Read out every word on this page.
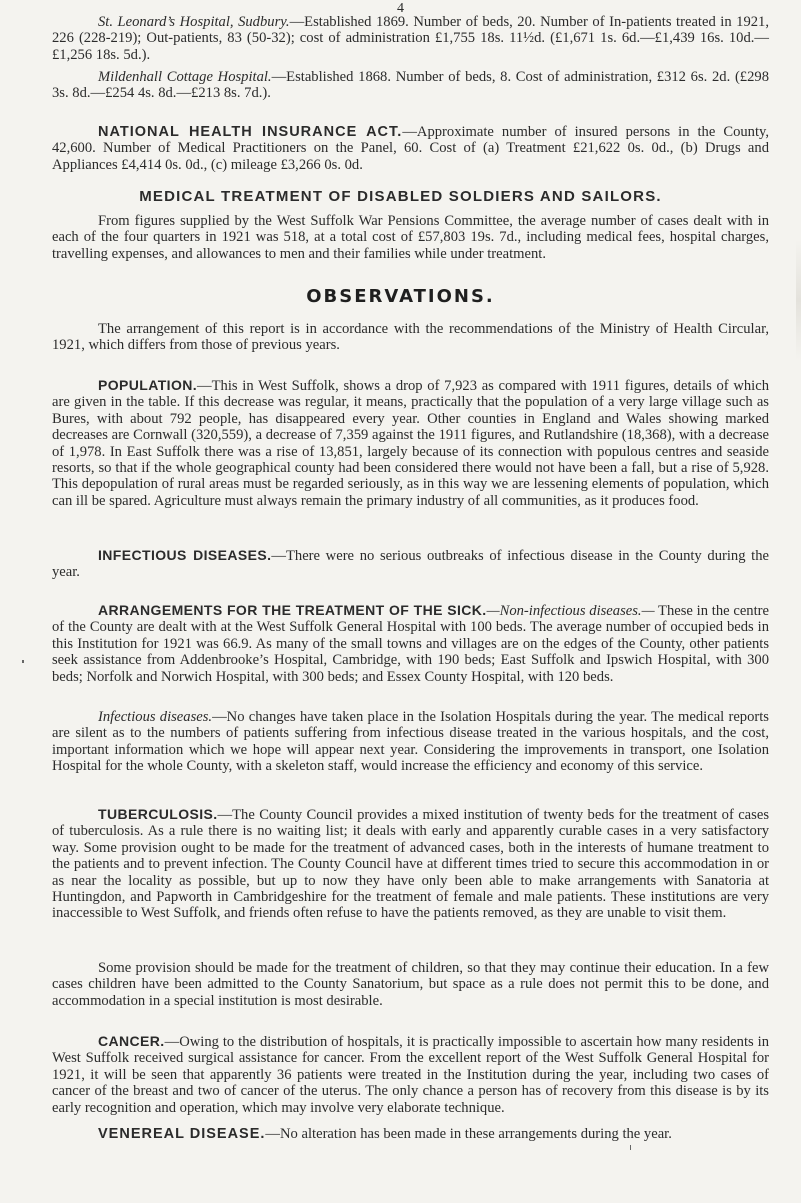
4
St. Leonard’s Hospital, Sudbury.—Established 1869. Number of beds, 20. Number of In-patients treated in 1921, 226 (228-219); Out-patients, 83 (50-32); cost of administration £1,755 18s. 11½d. (£1,671 1s. 6d.—£1,439 16s. 10d.—£1,256 18s. 5d.).
Mildenhall Cottage Hospital.—Established 1868. Number of beds, 8. Cost of administration, £312 6s. 2d. (£298 3s. 8d.—£254 4s. 8d.—£213 8s. 7d.).
NATIONAL HEALTH INSURANCE ACT.—Approximate number of insured persons in the County, 42,600. Number of Medical Practitioners on the Panel, 60. Cost of (a) Treatment £21,622 0s. 0d., (b) Drugs and Appliances £4,414 0s. 0d., (c) mileage £3,266 0s. 0d.
MEDICAL TREATMENT OF DISABLED SOLDIERS AND SAILORS.
From figures supplied by the West Suffolk War Pensions Committee, the average number of cases dealt with in each of the four quarters in 1921 was 518, at a total cost of £57,803 19s. 7d., including medical fees, hospital charges, travelling expenses, and allowances to men and their families while under treatment.
OBSERVATIONS.
The arrangement of this report is in accordance with the recommendations of the Ministry of Health Circular, 1921, which differs from those of previous years.
POPULATION.—This in West Suffolk, shows a drop of 7,923 as compared with 1911 figures, details of which are given in the table. If this decrease was regular, it means, practically that the population of a very large village such as Bures, with about 792 people, has disappeared every year. Other counties in England and Wales showing marked decreases are Cornwall (320,559), a decrease of 7,359 against the 1911 figures, and Rutlandshire (18,368), with a decrease of 1,978. In East Suffolk there was a rise of 13,851, largely because of its connection with populous centres and seaside resorts, so that if the whole geographical county had been considered there would not have been a fall, but a rise of 5,928. This depopulation of rural areas must be regarded seriously, as in this way we are lessening elements of population, which can ill be spared. Agriculture must always remain the primary industry of all communities, as it produces food.
INFECTIOUS DISEASES.—There were no serious outbreaks of infectious disease in the County during the year.
ARRANGEMENTS FOR THE TREATMENT OF THE SICK.—Non-infectious diseases.— These in the centre of the County are dealt with at the West Suffolk General Hospital with 100 beds. The average number of occupied beds in this Institution for 1921 was 66.9. As many of the small towns and villages are on the edges of the County, other patients seek assistance from Addenbrooke’s Hospital, Cambridge, with 190 beds; East Suffolk and Ipswich Hospital, with 300 beds; Norfolk and Norwich Hospital, with 300 beds; and Essex County Hospital, with 120 beds.
Infectious diseases.—No changes have taken place in the Isolation Hospitals during the year. The medical reports are silent as to the numbers of patients suffering from infectious disease treated in the various hospitals, and the cost, important information which we hope will appear next year. Considering the improvements in transport, one Isolation Hospital for the whole County, with a skeleton staff, would increase the efficiency and economy of this service.
TUBERCULOSIS.—The County Council provides a mixed institution of twenty beds for the treatment of cases of tuberculosis. As a rule there is no waiting list; it deals with early and apparently curable cases in a very satisfactory way. Some provision ought to be made for the treatment of advanced cases, both in the interests of humane treatment to the patients and to prevent infection. The County Council have at different times tried to secure this accommodation in or as near the locality as possible, but up to now they have only been able to make arrangements with Sanatoria at Huntingdon, and Papworth in Cambridgeshire for the treatment of female and male patients. These institutions are very inaccessible to West Suffolk, and friends often refuse to have the patients removed, as they are unable to visit them.
Some provision should be made for the treatment of children, so that they may continue their education. In a few cases children have been admitted to the County Sanatorium, but space as a rule does not permit this to be done, and accommodation in a special institution is most desirable.
CANCER.—Owing to the distribution of hospitals, it is practically impossible to ascertain how many residents in West Suffolk received surgical assistance for cancer. From the excellent report of the West Suffolk General Hospital for 1921, it will be seen that apparently 36 patients were treated in the Institution during the year, including two cases of cancer of the breast and two of cancer of the uterus. The only chance a person has of recovery from this disease is by its early recognition and operation, which may involve very elaborate technique.
VENEREAL DISEASE.—No alteration has been made in these arrangements during the year.
